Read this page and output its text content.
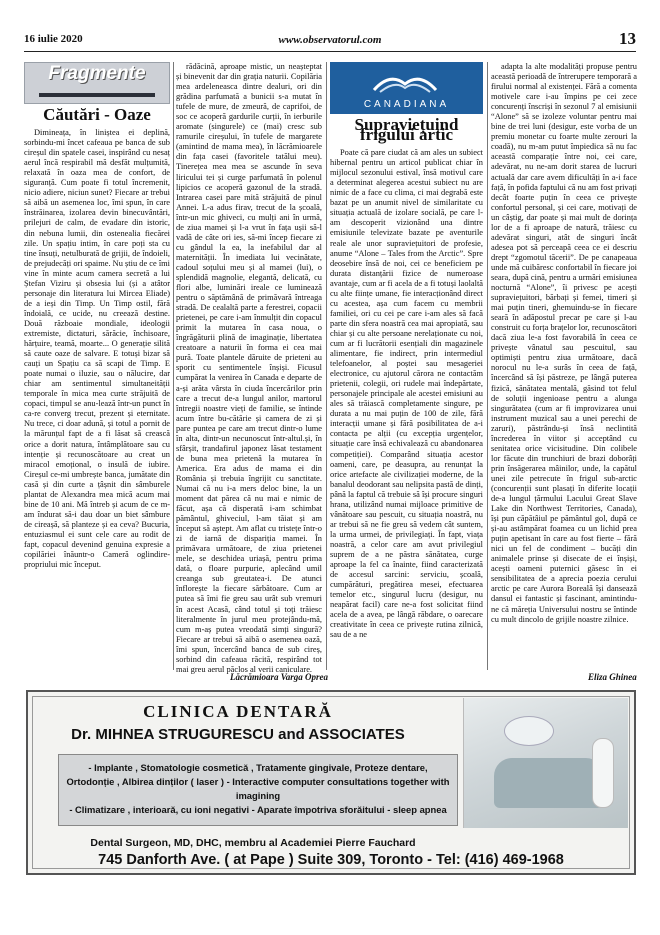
16 iulie 2020	www.observatorul.com	13
Fragmente
Căutări - Oaze

Dimineața, în liniștea ei deplină, sorbindu-mi încet cafeaua pe banca de sub cireșul din spatele casei, inspirând cu nesaț aerul încă respirabil mă desfăt mulțumită, relaxată în oaza mea de confort, de siguranță. Cum poate fi totul încremenit, nicio adiere, niciun sunet? Fiecare ar trebui să aibă un asemenea loc, îmi spun, în care înstrăinarea, izolarea devin binecuvântări, prilejuri de calm, de evadare din istoric, din nebuna lumii, din ostenealia fiecărei zile. Un spațiu intim, în care poți sta cu tine însuți, netulburată de grijii, de îndoieli, de prejudecăți ori spaime. Nu știu de ce îmi vine în minte acum camera secretă a lui Ștefan Viziru și obsesia lui (și a atâtor personaje din literatura lui Mircea Eliade) de a ieși din Timp. Un Timp ostil, fără îndoială, ce ucide, nu creează destine. Două războaie mondiale, ideologii extremiste, dictaturi, sărăcie, închisoare, hărțuire, teamă, moarte... O generație silită să caute oaze de salvare. E totuși bizar să cauți un Spațiu ca să scapi de Timp. E poate numai o iluzie, sau o nălucire, dar chiar am sentimentul simultaneității temporale în mica mea curte străjuită de copaci, timpul se anu-lează într-un punct în ca-re converg trecut, prezent și eternitate. Nu trece, ci doar adună, și totul a pornit de la mărunțul fapt de a fi lăsat să crească orice a dorit natura, întâmplătoare sau cu intenție și recunoscătoare au creat un miracol emoțional, o insulă de iubire. Cireșul ce-mi umbrește banca, jumătate din casă și din curte a țâșnit din sâmburele plantat de Alexandra mea mică acum mai bine de 10 ani. Mă întreb și acum de ce m-am îndurat să-i dau doar un biet sâmbure de cireașă, să planteze și ea ceva? Bucuria, entuziasmul ei sunt cele care au rodit de fapt, copacul devenind genuina expresie a copilăriei înăuntr-o Cameră oglindire-propriului mic început.

rădăcină, aproape mistic, un neașteptat și binevenit dar din grația naturii. Copilăria mea ardeleneasca dintre dealuri, ori din grădina parfumată a bunicii s-a mutat în tufele de mure, de zmeură, de caprifoi, de soc ce acoperă gardurile curții, în ierburile aromate (singurele) ce (mai) cresc sub ramurile cireșului, în tufele de margarete (amintind de mama mea), în lăcrămioarele din fața casei (favoritele tatălui meu). Tinerețea mea mea se ascunde în seva liricului tei și curge parfumată în polenul lipicios ce acoperă gazonul de la stradă. Intrarea casei pare mită străjuită de pinul Annei. L-a adus firav, trecut de la școală, într-un mic ghiveci, cu mulți ani în urmă, de ziua mamei și l-a vrut în fața ușii să-l vadă de câte ori ies, să-mi încep fiecare zi cu gândul la ea, la inefabilul dar al maternității. În imediata lui vecinătate, cadoul soțului meu și al mamei (lui), o splendidă magnolie, elegantă, delicată, cu flori albe, luminări ireale ce luminează pentru o săptămână de primăvară întreaga stradă. De cealaltă parte a ferestrei, copacii prietenei, pe care i-am înmulțit din copacul primit la mutarea în casa noua, o îngrăgăturii plină de imaginație, libertatea creatoare a naturii în forma ei cea mai pură. Toate plantele dăruite de prieteni au sporit cu sentimentele înșiși. Ficusul cumpărat la venirea în Canada e departe de a-și arăta vârsta în ciuda încercărilor prin care a trecut de-a lungul anilor, martorul întregii noastre vieți de familie, se întinde acum între bu-cătărie și camera de zi și pare puntea pe care am trecut dintr-o lume în alta, dintr-un necunoscut într-altul.și, în sfârșit, trandafirul japonez lăsat testament de buna mea prietenă la mutarea în America. Era adus de mama ei din România și trebuia îngrijit cu sanctitate. Numai că nu i-a mers deloc bine, la un moment dat părea că nu mai e nimic de făcut, așa că disperată i-am schimbat pământul, ghiveciul, l-am tăiat și am început să aștept. Am aflat cu tristețe într-o zi de iarnă de dispariția mamei. În primăvara următoare, de ziua prietenei mele, se deschidea uriașă, pentru prima dată, o floare purpurie, aplecând umil creanga sub greutatea-i. De atunci înflorește la fiecare sărbătoare. Cum ar putea să îmi fie greu sau urât sub vremuri în acest Acasă, când totul și toți trăiesc literalmente în jurul meu protejându-mă, cum m-aș putea vreodată simți singură? Fiecare ar trebui să aibă o asemenea oază, îmi spun, încercând banca de sub cireș, sorbind din cafeaua răcită, respirând tot mai greu aerul păclos al verii caniculare.

CANADIANA
Supraviețuind frigului artic

Poate că pare ciudat că am ales un subiect hibernal pentru un articol publicat chiar în mijlocul sezonului estival, însă motivul care a determinat alegerea acestui subiect nu are nimic de a face cu clima, ci mai degrabă este bazat pe un anumit nivel de similaritate cu situația actuală de izolare socială, pe care l-am descoperit vizionând una dintre emisiunile televizate bazate pe aventurile reale ale unor supraviețuitori de profesie, anume “Alone – Tales from the Arctic”. Spre deosebire însă de noi, cei ce beneficiem pe durata distanțării fizice de numeroase avantaje, cum ar fi acela de a fi totuși laolaltă cu alte ființe umane, fie interacționând direct cu acestea, așa cum facem cu membrii familiei, ori cu cei pe care i-am ales să facă parte din sfera noastră cea mai apropiată, sau chiar și cu alte persoane nerelaționate cu noi, cum ar fi lucrătorii esențiali din magazinele alimentare, fie indirect, prin intermediul telefoanelor, al poștei sau mesageriei electronice, cu ajutorul cărora ne contactăm prietenii, colegii, ori rudele mai îndepărtate, personajele principale ale acestei emisiuni au ales să trăiască completamente singure, pe durata a nu mai puțin de 100 de zile, fără interacții umane și fără posibilitatea de a-i contacta pe alții (cu excepția urgențelor, situație care însă echivalează cu abandonarea competiției). Comparând situația acestor oameni, care, pe deasupra, au renunțat la orice artefacte ale civilizației moderne, de la banalul deodorant sau nelipsita pastă de dinți, până la faptul că trebuie să își procure singuri hrana, utilizând numai mijloace primitive de vânătoare sau pescuit, cu situația noastră, nu ar trebui să ne fie greu să vedem cât suntem, la urma urmei, de privilegiați. În fapt, viața noastră, a celor care am avut privilegiul suprem de a ne păstra sănătatea, curge aproape la fel ca înainte, fiind caracterizată de accesul sarcini: serviciu, școală, cumpărături, pregătirea mesei, efectuarea temelor etc., singurul lucru (desigur, nu neapărat facil) care ne-a fost solicitat fiind acela de a avea, pe lângă răbdare, o oarecare creativitate în ceea ce privește rutina zilnică, sau de a ne

adapta la alte modalități propuse pentru această perioadă de întrerupere temporară a firului normal al existenței. Fără a comenta motivele care i-au împins pe cei zece concurenți înscriși în sezonul 7 al emisiunii “Alone” să se izoleze voluntar pentru mai bine de trei luni (desigur, este vorba de un premiu monetar cu foarte multe zerouri la coadă), nu m-am putut împiedica să nu fac această comparație între noi, cei care, adevărat, nu ne-am dorit starea de lucruri actuală dar care avem dificultăți în a-i face față, în pofida faptului că nu am fost privați decât foarte puțin în ceea ce privește confortul personal, și cei care, motivați de un câștig, dar poate și mai mult de dorința lor de a fi aproape de natură, trăiesc cu adevărat singuri, atât de singuri încât adesea pot să perceapă ceea ce ei descriu drept “zgomotul tăcerii”. De pe canapeaua unde mă cuibăresc confortabil în fiecare joi seara, după cină, pentru a urmări emisiunea nocturnă “Alone”, îi privesc pe acești supraviețuitori, bărbați și femei, timeri și mai puțin tineri, ghemuindu-se în fiecare seară în adăpostul precar pe care și l-au construit cu forța brațelor lor, recunoscători dacă ziua le-a fost favorabilă în ceea ce privește vânatul sau pescuitul, sau optimiști pentru ziua următoare, dacă norocul nu le-a surâs în ceea de față, încercând să își păstreze, pe lângă puterea fizică, sănătatea mentală, găsind tot felul de soluții ingenioase pentru a alunga singurătatea (cum ar fi improvizarea unui instrument muzical sau a unei perechi de zaruri), păstrându-și însă neclintită încrederea în viitor și acceptând cu senitatea orice vicisitudine. Din colibele lor făcute din trunchiuri de brazi doborâți prin însăgerarea mâinilor, unde, la capătul unei zile petrecute în frigul sub-arctic (concurenții sunt plasați în diferite locații de-a lungul țărmului Lacului Great Slave Lake din Northwest Territories, Canada), își pun căpătâiul pe pământul gol, după ce și-au astâmpărat foamea cu un lichid prea puțin apetisant în care au fost fierte – fără nici un fel de condiment – bucăți din animalele prinse și disecate de ei înșiși, acești oameni puternici găsesc în ei sensibilitatea de a aprecia poezia cerului arctic pe care Aurora Boreală își dansează dansul ei fantastic și fascinant, amintindu-ne că măreția Universului nostru se întinde cu mult dincolo de grijile noastre zilnice.

Lăcrămioara Varga Oprea	Eliza Ghinea
CLINICA DENTARĂ
Dr. MIHNEA STRUGURESCU and ASSOCIATES
- Implante , Stomatologie cosmetică , Tratamente gingivale, Proteze dentare,
Ortodonție , Albirea dinților ( laser ) - Interactive computer consultations together with imagining
- Climatizare , interioară, cu ioni negativi - Aparate împotriva sforăitului - sleep apnea
Dental Surgeon, MD, DHC, membru al Academiei Pierre Fauchard
745 Danforth Ave. ( at Pape ) Suite 309, Toronto - Tel: (416) 469-1968
